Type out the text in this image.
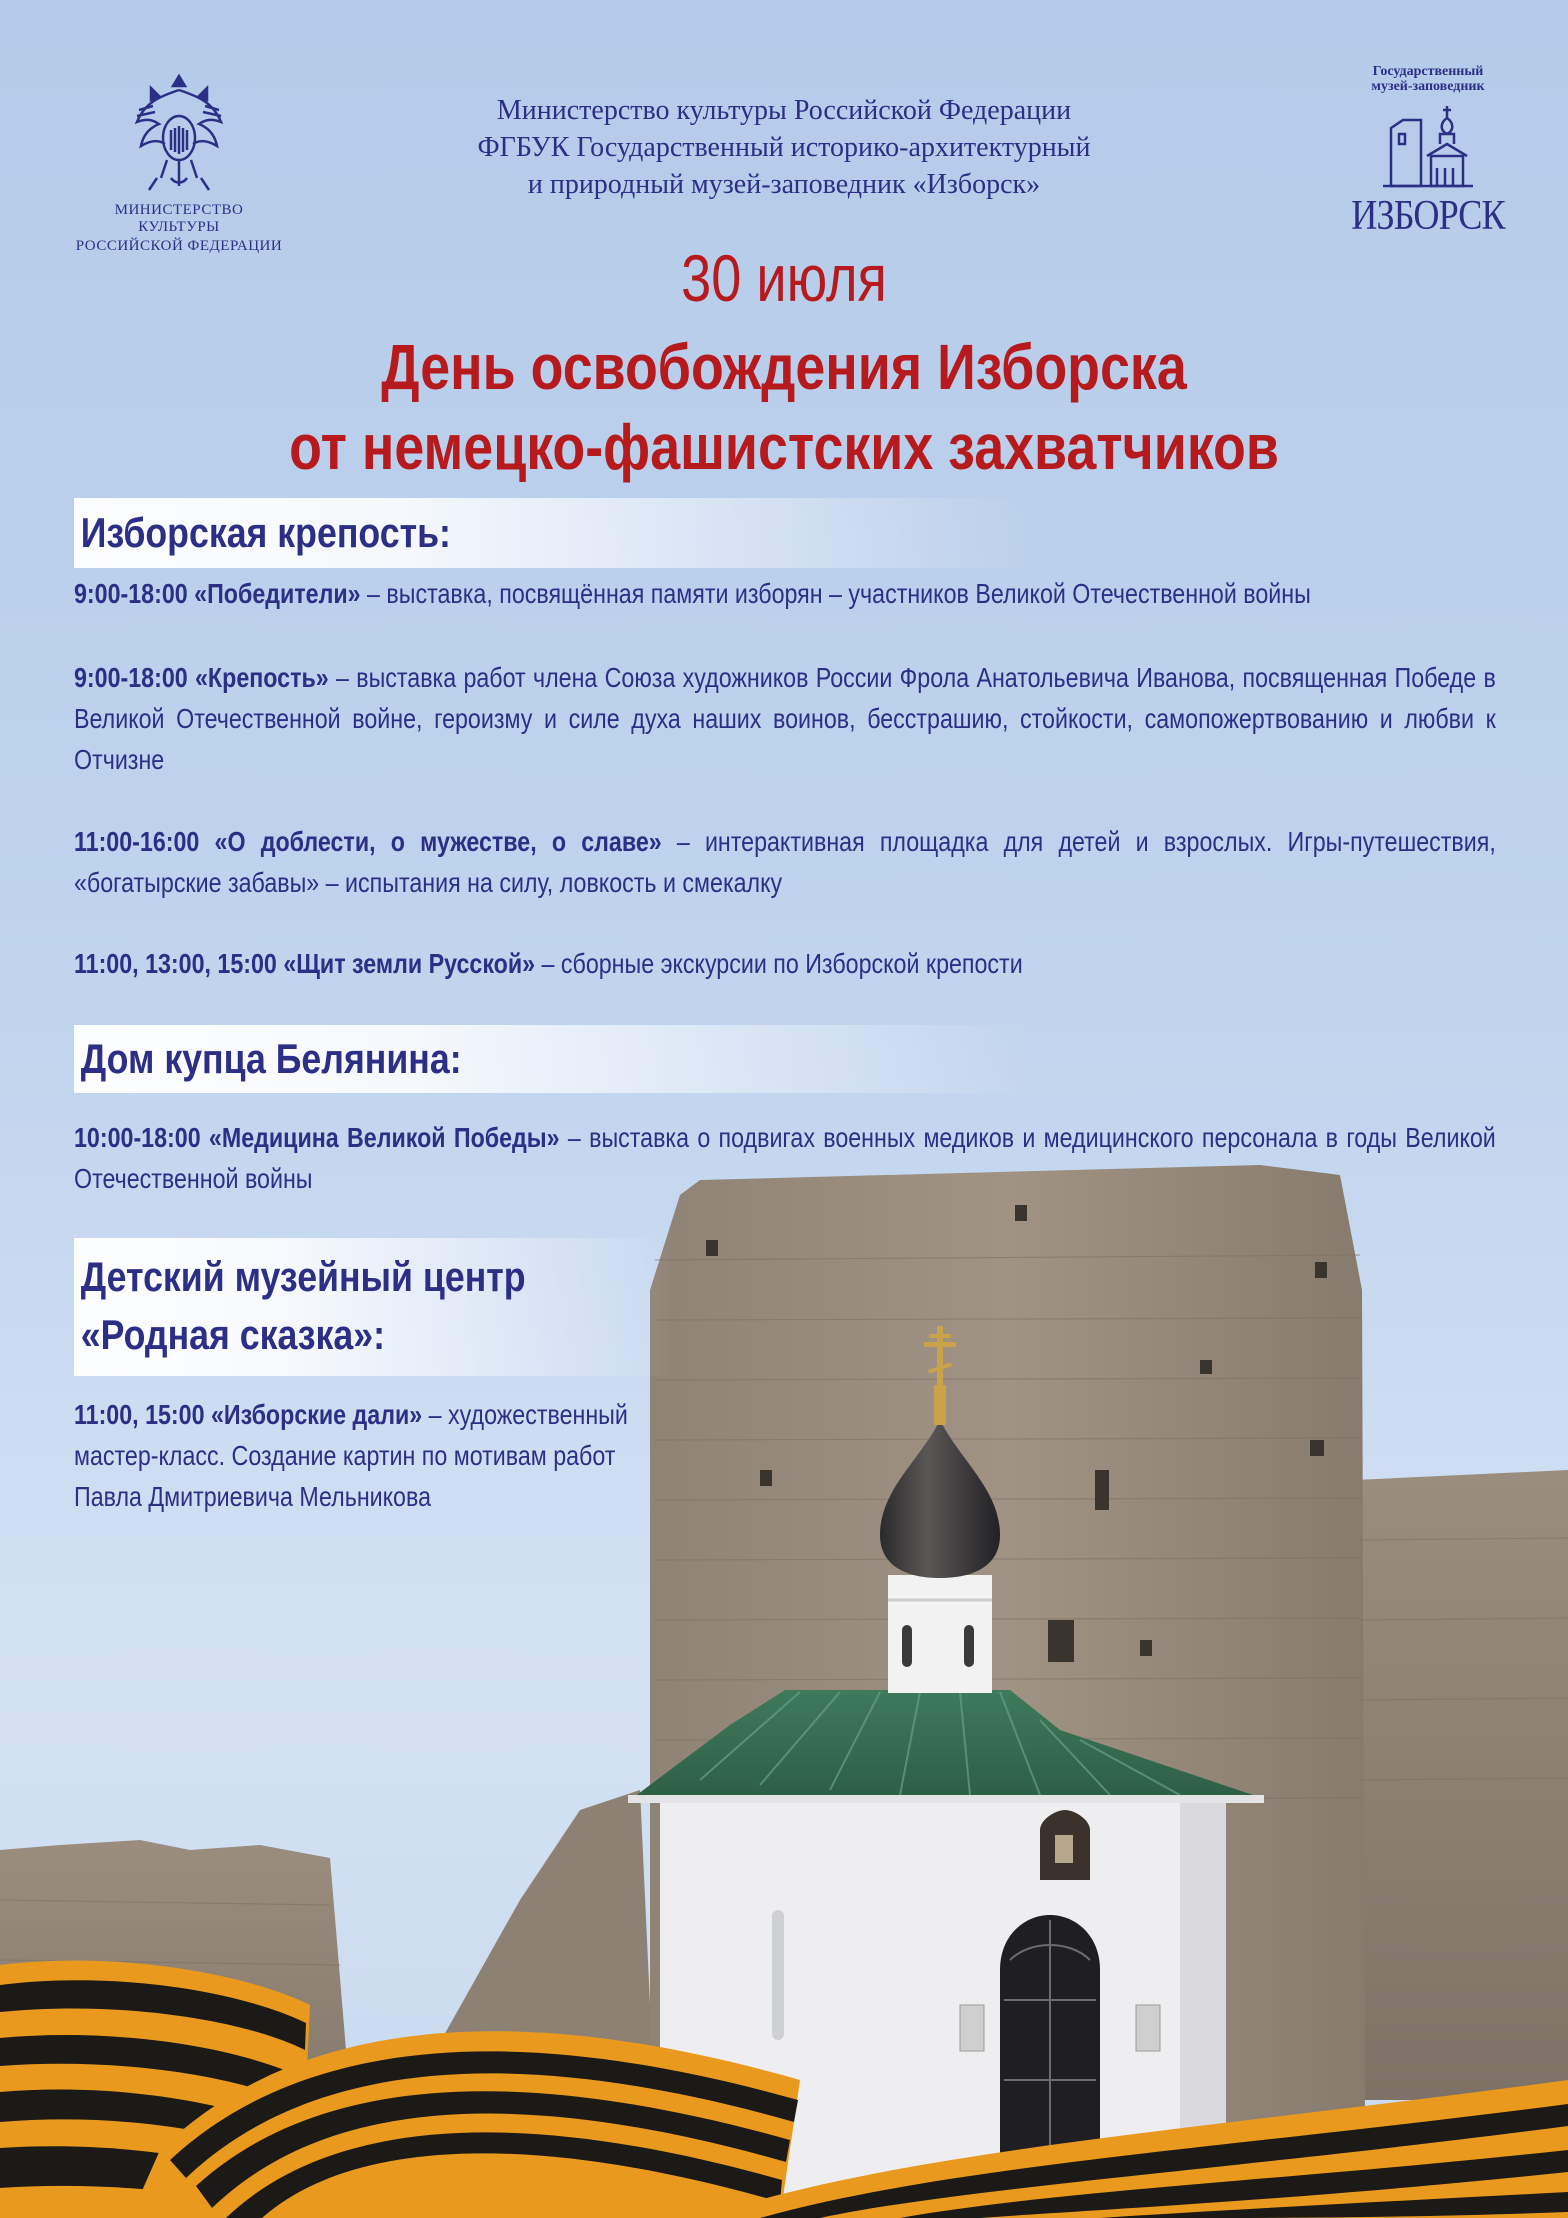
МИНИСТЕРСТВО КУЛЬТУРЫ
РОССИЙСКОЙ ФЕДЕРАЦИИ
Министерство культуры Российской Федерации
ФГБУК Государственный историко-архитектурный
и природный музей-заповедник «Изборск»
Государственный
музей-заповедник
ИЗБОРСК
30 июля
День освобождения Изборска
от немецко-фашистских захватчиков
Изборская крепость:
9:00-18:00 «Победители» – выставка, посвящённая памяти изборян – участников Великой Отечественной войны
9:00-18:00 «Крепость» – выставка работ члена Союза художников России Фрола Анатольевича Иванова, посвященная Победе в Великой Отечественной войне, героизму и силе духа наших воинов, бесстрашию, стойкости, самопожертвованию и любви к Отчизне
11:00-16:00 «О доблести, о мужестве, о славе» – интерактивная площадка для детей и взрослых. Игры-путешествия, «богатырские забавы» – испытания на силу, ловкость и смекалку
11:00, 13:00, 15:00 «Щит земли Русской» – сборные экскурсии по Изборской крепости
Дом купца Белянина:
10:00-18:00 «Медицина Великой Победы» – выставка о подвигах военных медиков и медицинского персонала в годы Великой Отечественной войны
Детский музейный центр
«Родная сказка»:
11:00, 15:00 «Изборские дали» – художественный мастер-класс. Создание картин по мотивам работ Павла Дмитриевича Мельникова
